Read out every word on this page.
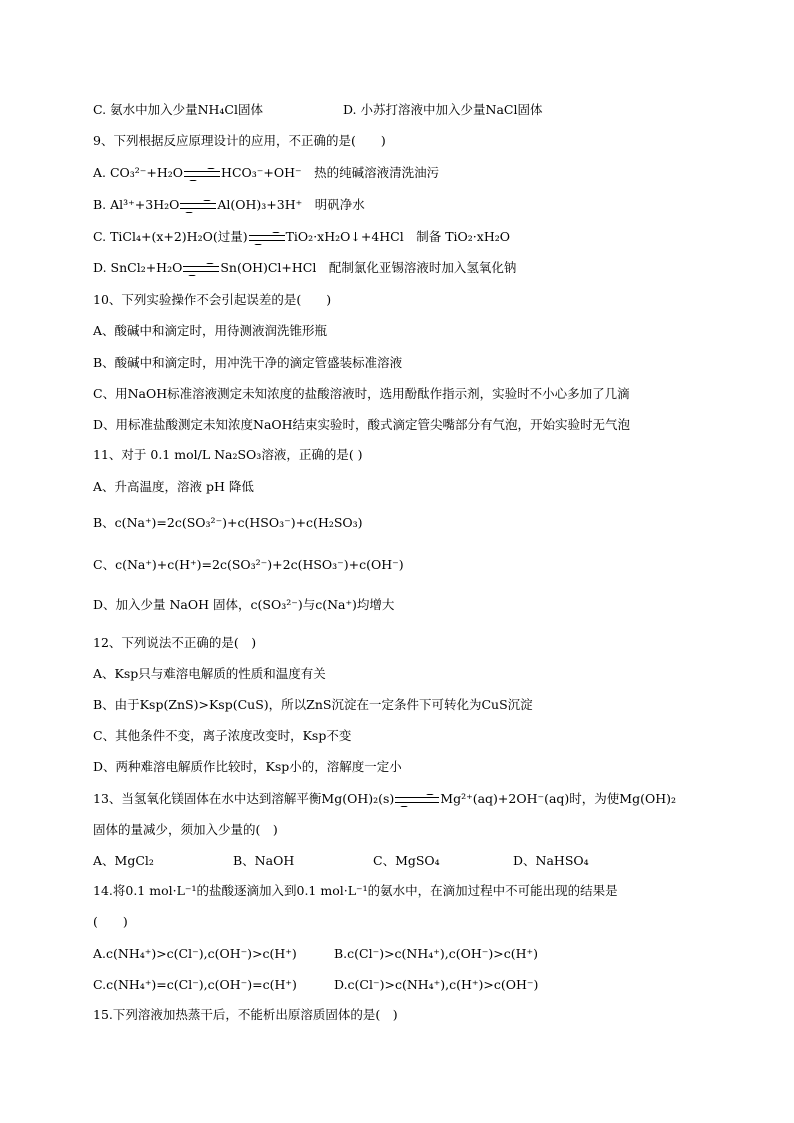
C. 氨水中加入少量NH₄Cl固体	D. 小苏打溶液中加入少量NaCl固体
9、下列根据反应原理设计的应用，不正确的是(　　)
A. CO₃²⁻+H₂O	HCO₃⁻+OH⁻　热的纯碱溶液清洗油污
B. Al³⁺+3H₂O	Al(OH)₃+3H⁺　明矾净水
C. TiCl₄+(x+2)H₂O(过量)	TiO₂·xH₂O↓+4HCl　制备 TiO₂·xH₂O
D. SnCl₂+H₂O	Sn(OH)Cl+HCl　配制氯化亚锡溶液时加入氢氧化钠
10、下列实验操作不会引起误差的是(　　)
A、酸碱中和滴定时，用待测液润洗锥形瓶
B、酸碱中和滴定时，用冲洗干净的滴定管盛装标准溶液
C、用NaOH标准溶液测定未知浓度的盐酸溶液时，选用酚酞作指示剂，实验时不小心多加了几滴
D、用标准盐酸测定未知浓度NaOH结束实验时，酸式滴定管尖嘴部分有气泡，开始实验时无气泡
11、对于 0.1 mol/L Na₂SO₃溶液，正确的是( )
A、升高温度，溶液 pH 降低
B、c(Na⁺)=2c(SO₃²⁻)+c(HSO₃⁻)+c(H₂SO₃)
C、c(Na⁺)+c(H⁺)=2c(SO₃²⁻)+2c(HSO₃⁻)+c(OH⁻)
D、加入少量 NaOH 固体，c(SO₃²⁻)与c(Na⁺)均增大
12、下列说法不正确的是(　)
A、Ksp只与难溶电解质的性质和温度有关
B、由于Ksp(ZnS)>Ksp(CuS)，所以ZnS沉淀在一定条件下可转化为CuS沉淀
C、其他条件不变，离子浓度改变时，Ksp不变
D、两种难溶电解质作比较时，Ksp小的，溶解度一定小
13、当氢氧化镁固体在水中达到溶解平衡Mg(OH)₂(s)	Mg²⁺(aq)+2OH⁻(aq)时，为使Mg(OH)₂
固体的量减少，须加入少量的(　)
A、MgCl₂	B、NaOH	C、MgSO₄	D、NaHSO₄
14.将0.1 mol·L⁻¹的盐酸逐滴加入到0.1 mol·L⁻¹的氨水中，在滴加过程中不可能出现的结果是
(　　)
A.c(NH₄⁺)>c(Cl⁻),c(OH⁻)>c(H⁺)	B.c(Cl⁻)>c(NH₄⁺),c(OH⁻)>c(H⁺)
C.c(NH₄⁺)=c(Cl⁻),c(OH⁻)=c(H⁺)	D.c(Cl⁻)>c(NH₄⁺),c(H⁺)>c(OH⁻)
15.下列溶液加热蒸干后，不能析出原溶质固体的是(　)
